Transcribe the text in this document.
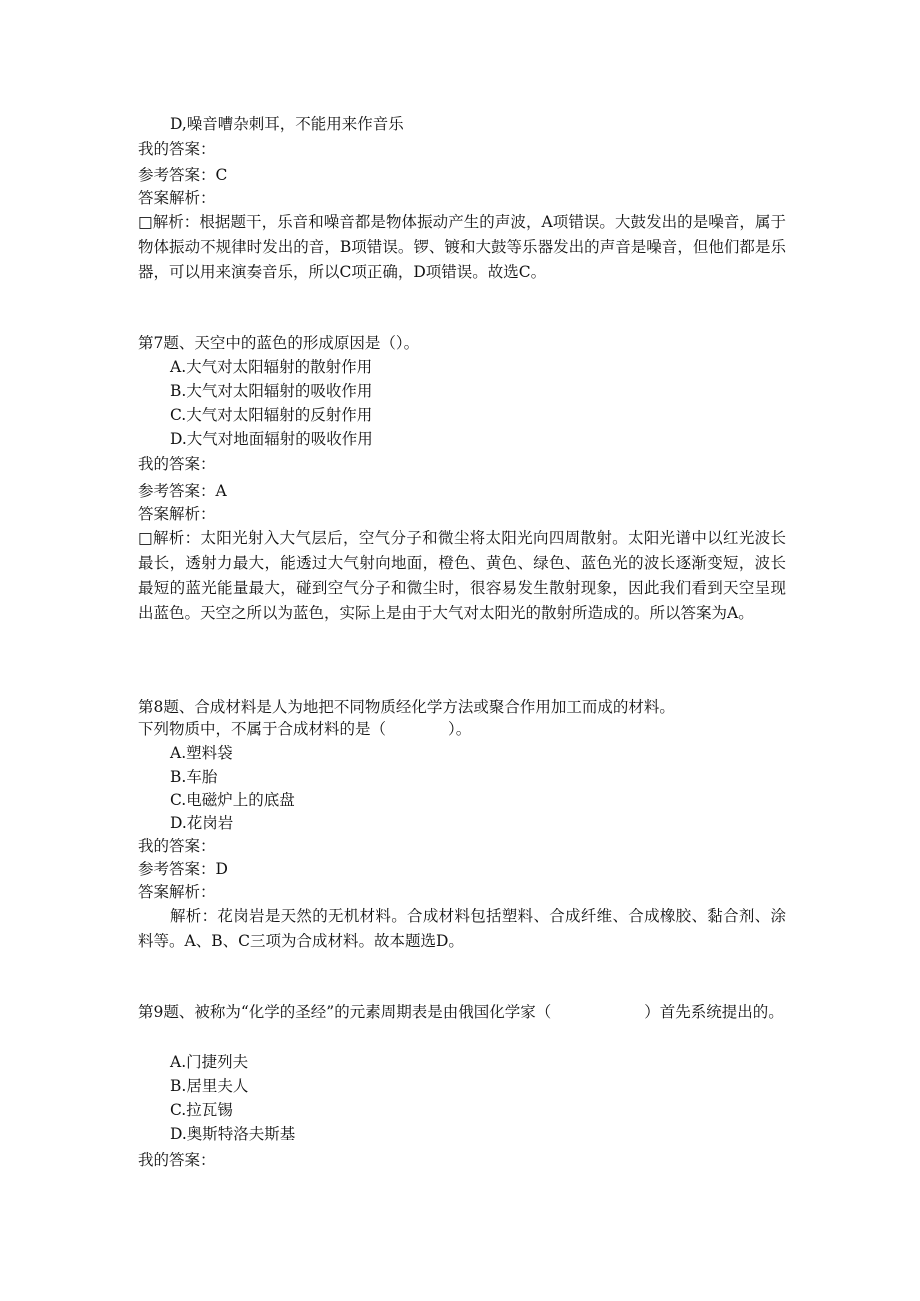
D,噪音嘈杂刺耳，不能用来作音乐
我的答案：
参考答案：C
答案解析：
□解析：根据题干，乐音和噪音都是物体振动产生的声波，A项错误。大鼓发出的是噪音，属于物体振动不规律时发出的音，B项错误。锣、镀和大鼓等乐器发出的声音是噪音，但他们都是乐器，可以用来演奏音乐，所以C项正确，D项错误。故选C。
第7题、天空中的蓝色的形成原因是（）。
A.大气对太阳辐射的散射作用
B.大气对太阳辐射的吸收作用
C.大气对太阳辐射的反射作用
D.大气对地面辐射的吸收作用
我的答案：
参考答案：A
答案解析：
□解析：太阳光射入大气层后，空气分子和微尘将太阳光向四周散射。太阳光谱中以红光波长最长，透射力最大，能透过大气射向地面，橙色、黄色、绿色、蓝色光的波长逐渐变短，波长最短的蓝光能量最大，碰到空气分子和微尘时，很容易发生散射现象，因此我们看到天空呈现出蓝色。天空之所以为蓝色，实际上是由于大气对太阳光的散射所造成的。所以答案为A。
第8题、合成材料是人为地把不同物质经化学方法或聚合作用加工而成的材料。
下列物质中，不属于合成材料的是（　　　　）。
A.塑料袋
B.车胎
C.电磁炉上的底盘
D.花岗岩
我的答案：
参考答案：D
答案解析：
解析：花岗岩是天然的无机材料。合成材料包括塑料、合成纤维、合成橡胶、黏合剂、涂料等。A、B、C三项为合成材料。故本题选D。
第9题、被称为“化学的圣经”的元素周期表是由俄国化学家（　　　　　　）首先系统提出的。
A.门捷列夫
B.居里夫人
C.拉瓦锡
D.奥斯特洛夫斯基
我的答案：
